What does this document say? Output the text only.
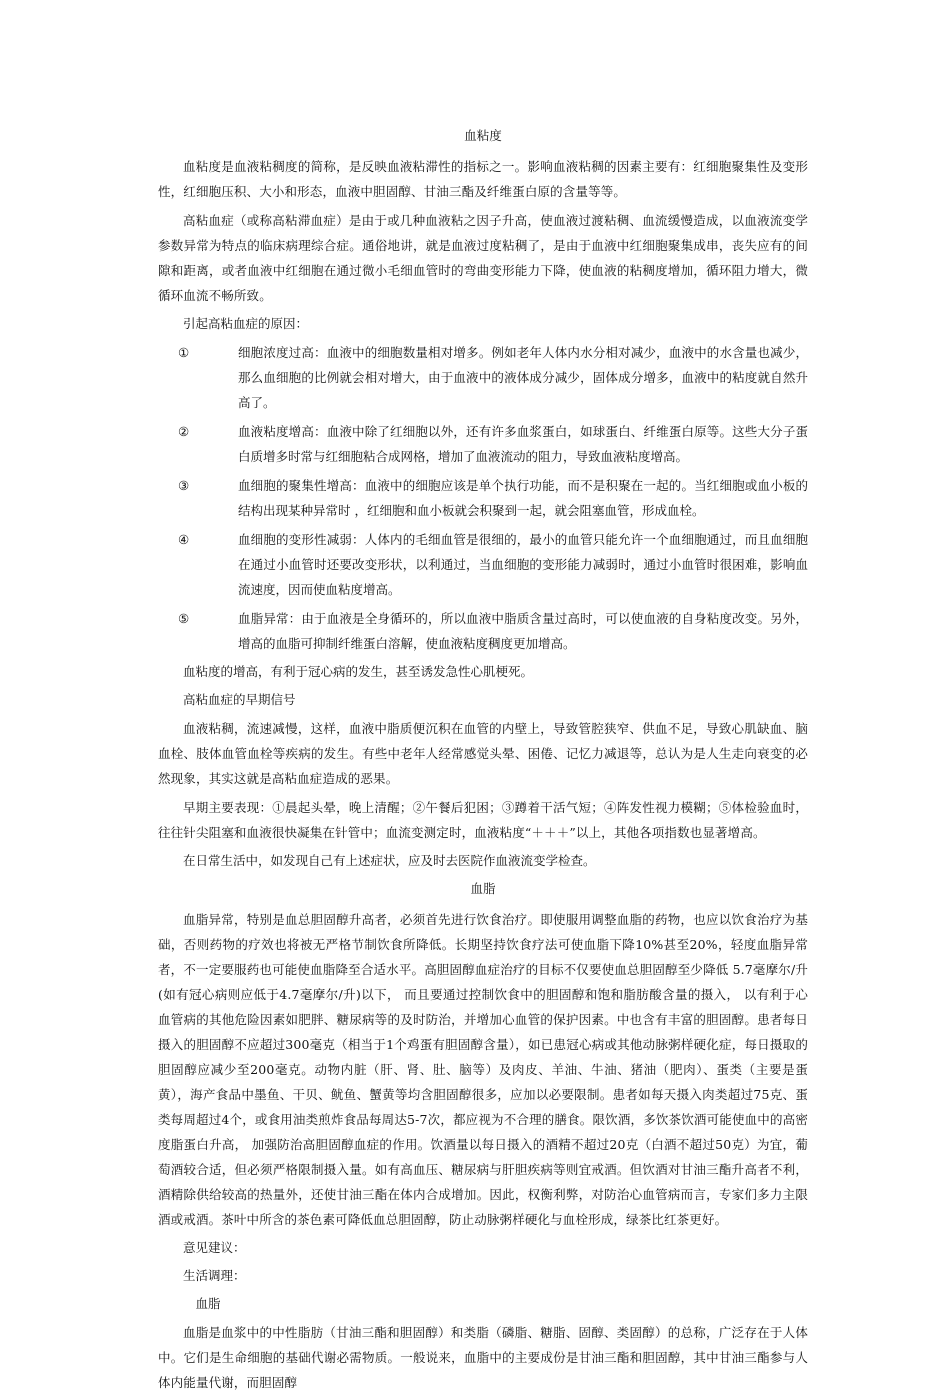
血粘度

血粘度是血液粘稠度的简称，是反映血液粘滞性的指标之一。影响血液粘稠的因素主要有：红细胞聚集性及变形性，红细胞压积、大小和形态，血液中胆固醇、甘油三酯及纤维蛋白原的含量等等。

高粘血症（或称高粘滞血症）是由于或几种血液粘之因子升高，使血液过渡粘稠、血流缓慢造成，以血液流变学参数异常为特点的临床病理综合症。通俗地讲，就是血液过度粘稠了，是由于血液中红细胞聚集成串，丧失应有的间隙和距离，或者血液中红细胞在通过微小毛细血管时的弯曲变形能力下降，使血液的粘稠度增加，循环阻力增大，微循环血流不畅所致。

引起高粘血症的原因：

①	细胞浓度过高：血液中的细胞数量相对增多。例如老年人体内水分相对减少，血液中的水含量也减少，那么血细胞的比例就会相对增大，由于血液中的液体成分减少，固体成分增多，血液中的粘度就自然升高了。
②	血液粘度增高：血液中除了红细胞以外，还有许多血浆蛋白，如球蛋白、纤维蛋白原等。这些大分子蛋白质增多时常与红细胞粘合成网格，增加了血液流动的阻力，导致血液粘度增高。
③	血细胞的聚集性增高：血液中的细胞应该是单个执行功能，而不是积聚在一起的。当红细胞或血小板的结构出现某种异常时 ，红细胞和血小板就会积聚到一起，就会阻塞血管，形成血栓。
④	血细胞的变形性减弱：人体内的毛细血管是很细的，最小的血管只能允许一个血细胞通过，而且血细胞在通过小血管时还要改变形状，以利通过，当血细胞的变形能力减弱时，通过小血管时很困难，影响血流速度，因而使血粘度增高。
⑤	血脂异常：由于血液是全身循环的，所以血液中脂质含量过高时，可以使血液的自身粘度改变。另外，增高的血脂可抑制纤维蛋白溶解，使血液粘度稠度更加增高。

血粘度的增高，有利于冠心病的发生，甚至诱发急性心肌梗死。

高粘血症的早期信号

血液粘稠，流速减慢，这样，血液中脂质便沉积在血管的内壁上，导致管腔狭窄、供血不足，导致心肌缺血、脑血栓、肢体血管血栓等疾病的发生。有些中老年人经常感觉头晕、困倦、记忆力减退等，总认为是人生走向衰变的必然现象，其实这就是高粘血症造成的恶果。

早期主要表现：①晨起头晕，晚上清醒；②午餐后犯困；③蹲着干活气短；④阵发性视力模糊；⑤体检验血时，往往针尖阻塞和血液很快凝集在针管中；血流变测定时，血液粘度“＋＋＋”以上，其他各项指数也显著增高。

在日常生活中，如发现自己有上述症状，应及时去医院作血液流变学检查。

血脂

血脂异常，特别是血总胆固醇升高者，必须首先进行饮食治疗。即使服用调整血脂的药物，也应以饮食治疗为基础，否则药物的疗效也将被无严格节制饮食所降低。长期坚持饮食疗法可使血脂下降10%甚至20%，轻度血脂异常者，不一定要服药也可能使血脂降至合适水平。高胆固醇血症治疗的目标不仅要使血总胆固醇至少降低 5.7毫摩尔/升(如有冠心病则应低于4.7毫摩尔/升)以下， 而且要通过控制饮食中的胆固醇和饱和脂肪酸含量的摄入， 以有利于心血管病的其他危险因素如肥胖、糖尿病等的及时防治，并增加心血管的保护因素。中也含有丰富的胆固醇。患者每日摄入的胆固醇不应超过300毫克（相当于1个鸡蛋有胆固醇含量），如已患冠心病或其他动脉粥样硬化症，每日摄取的胆固醇应减少至200毫克。动物内脏（肝、肾、肚、脑等）及肉皮、羊油、牛油、猪油（肥肉）、蛋类（主要是蛋黄），海产食品中墨鱼、干贝、鱿鱼、蟹黄等均含胆固醇很多，应加以必要限制。患者如每天摄入肉类超过75克、蛋类每周超过4个，或食用油类煎炸食品每周达5-7次，都应视为不合理的膳食。限饮酒，多饮茶饮酒可能使血中的高密度脂蛋白升高， 加强防治高胆固醇血症的作用。饮酒量以每日摄入的酒精不超过20克（白酒不超过50克）为宜，葡萄酒较合适，但必须严格限制摄入量。如有高血压、糖尿病与肝胆疾病等则宜戒酒。但饮酒对甘油三酯升高者不利，酒精除供给较高的热量外，还使甘油三酯在体内合成增加。因此，权衡利弊，对防治心血管病而言，专家们多力主限酒或戒酒。茶叶中所含的茶色素可降低血总胆固醇，防止动脉粥样硬化与血栓形成，绿茶比红茶更好。

意见建议：

生活调理：

血脂

血脂是血浆中的中性脂肪（甘油三酯和胆固醇）和类脂（磷脂、糖脂、固醇、类固醇）的总称，广泛存在于人体中。它们是生命细胞的基础代谢必需物质。一般说来，血脂中的主要成份是甘油三酯和胆固醇，其中甘油三酯参与人体内能量代谢，而胆固醇
